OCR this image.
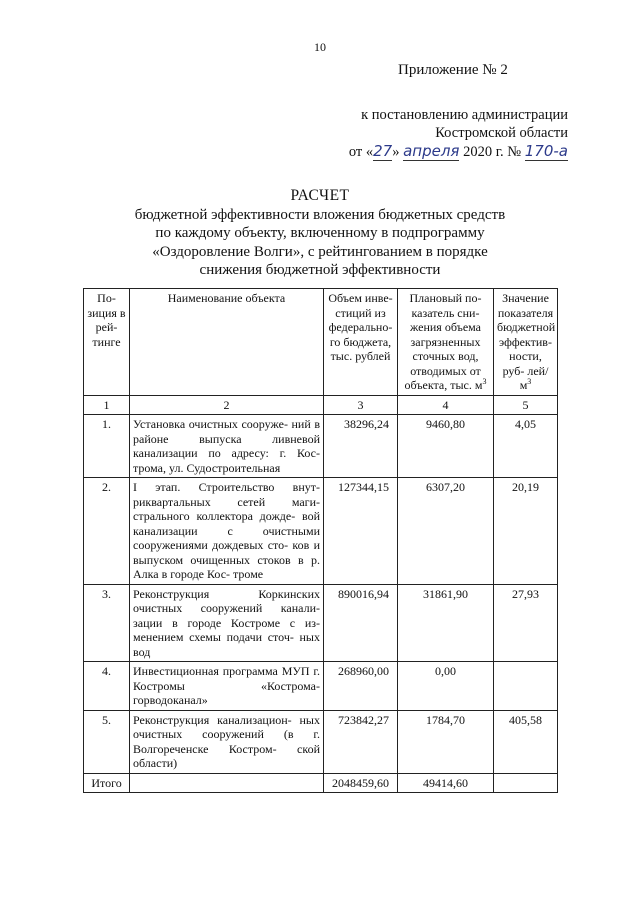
10
Приложение № 2
к постановлению администрации
Костромской области
от «27» апреля 2020 г. № 170-а
РАСЧЕТ
бюджетной эффективности вложения бюджетных средств
по каждому объекту, включенному в подпрограмму
«Оздоровление Волги», с рейтингованием в порядке
снижения бюджетной эффективности
По- зиция в рей- тинге	Наименование объекта	Объем инве- стиций из федерально- го бюджета, тыс. рублей	Плановый по- казатель сни- жения объема загрязненных сточных вод, отводимых от объекта, тыс. $м^3$	Значение показателя бюджетной эффектив- ности, руб- лей/$м^3$
1	2	3	4	5
1.	Установка очистных сооруже- ний в районе выпуска ливневой канализации по адресу: г. Кос- трома, ул. Судостроительная	38296,24	9460,80	4,05
2.	I этап. Строительство внут- риквартальных сетей маги- стрального коллектора дожде- вой канализации с очистными сооружениями дождевых сто- ков и выпуском очищенных стоков в р. Алка в городе Кос- троме	127344,15	6307,20	20,19
3.	Реконструкция Коркинских очистных сооружений канали- зации в городе Костроме с из- менением схемы подачи сточ- ных вод	890016,94	31861,90	27,93
4.	Инвестиционная программа МУП г. Костромы «Кострома- горводоканал»	268960,00	0,00	
5.	Реконструкция канализацион- ных очистных сооружений (в г. Волгореченске Костром- ской области)	723842,27	1784,70	405,58
Итого		2048459,60	49414,60	
